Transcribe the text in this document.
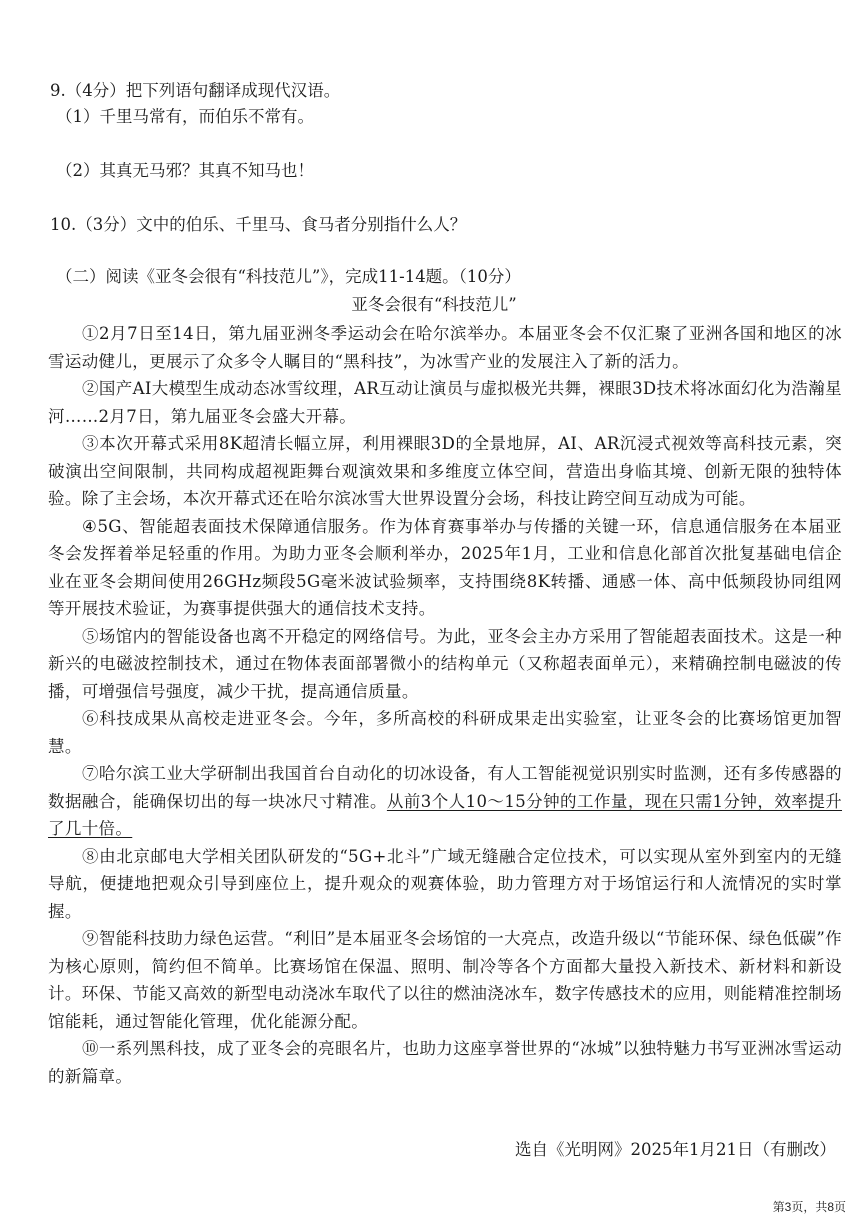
9.（4分）把下列语句翻译成现代汉语。
（1）千里马常有，而伯乐不常有。
（2）其真无马邪？其真不知马也！
10.（3分）文中的伯乐、千里马、食马者分别指什么人？
（二）阅读《亚冬会很有“科技范儿”》，完成11-14题。（10分）
亚冬会很有“科技范儿”

①2月7日至14日，第九届亚洲冬季运动会在哈尔滨举办。本届亚冬会不仅汇聚了亚洲各国和地区的冰雪运动健儿，更展示了众多令人瞩目的“黑科技”，为冰雪产业的发展注入了新的活力。

②国产AI大模型生成动态冰雪纹理，AR互动让演员与虚拟极光共舞，裸眼3D技术将冰面幻化为浩瀚星河……2月7日，第九届亚冬会盛大开幕。

③本次开幕式采用8K超清长幅立屏，利用裸眼3D的全景地屏，AI、AR沉浸式视效等高科技元素，突破演出空间限制，共同构成超视距舞台观演效果和多维度立体空间，营造出身临其境、创新无限的独特体验。除了主会场，本次开幕式还在哈尔滨冰雪大世界设置分会场，科技让跨空间互动成为可能。

④5G、智能超表面技术保障通信服务。作为体育赛事举办与传播的关键一环，信息通信服务在本届亚冬会发挥着举足轻重的作用。为助力亚冬会顺利举办，2025年1月，工业和信息化部首次批复基础电信企业在亚冬会期间使用26GHz频段5G毫米波试验频率，支持围绕8K转播、通感一体、高中低频段协同组网等开展技术验证，为赛事提供强大的通信技术支持。

⑤场馆内的智能设备也离不开稳定的网络信号。为此，亚冬会主办方采用了智能超表面技术。这是一种新兴的电磁波控制技术，通过在物体表面部署微小的结构单元（又称超表面单元），来精确控制电磁波的传播，可增强信号强度，减少干扰，提高通信质量。

⑥科技成果从高校走进亚冬会。今年，多所高校的科研成果走出实验室，让亚冬会的比赛场馆更加智慧。

⑦哈尔滨工业大学研制出我国首台自动化的切冰设备，有人工智能视觉识别实时监测，还有多传感器的数据融合，能确保切出的每一块冰尺寸精准。从前3个人10～15分钟的工作量，现在只需1分钟，效率提升了几十倍。

⑧由北京邮电大学相关团队研发的“5G+北斗”广域无缝融合定位技术，可以实现从室外到室内的无缝导航，便捷地把观众引导到座位上，提升观众的观赛体验，助力管理方对于场馆运行和人流情况的实时掌握。

⑨智能科技助力绿色运营。“利旧”是本届亚冬会场馆的一大亮点，改造升级以“节能环保、绿色低碳”作为核心原则，简约但不简单。比赛场馆在保温、照明、制冷等各个方面都大量投入新技术、新材料和新设计。环保、节能又高效的新型电动浇冰车取代了以往的燃油浇冰车，数字传感技术的应用，则能精准控制场馆能耗，通过智能化管理，优化能源分配。

⑩一系列黑科技，成了亚冬会的亮眼名片，也助力这座享誉世界的“冰城”以独特魅力书写亚洲冰雪运动的新篇章。

选自《光明网》2025年1月21日（有删改）
第3页，共8页
